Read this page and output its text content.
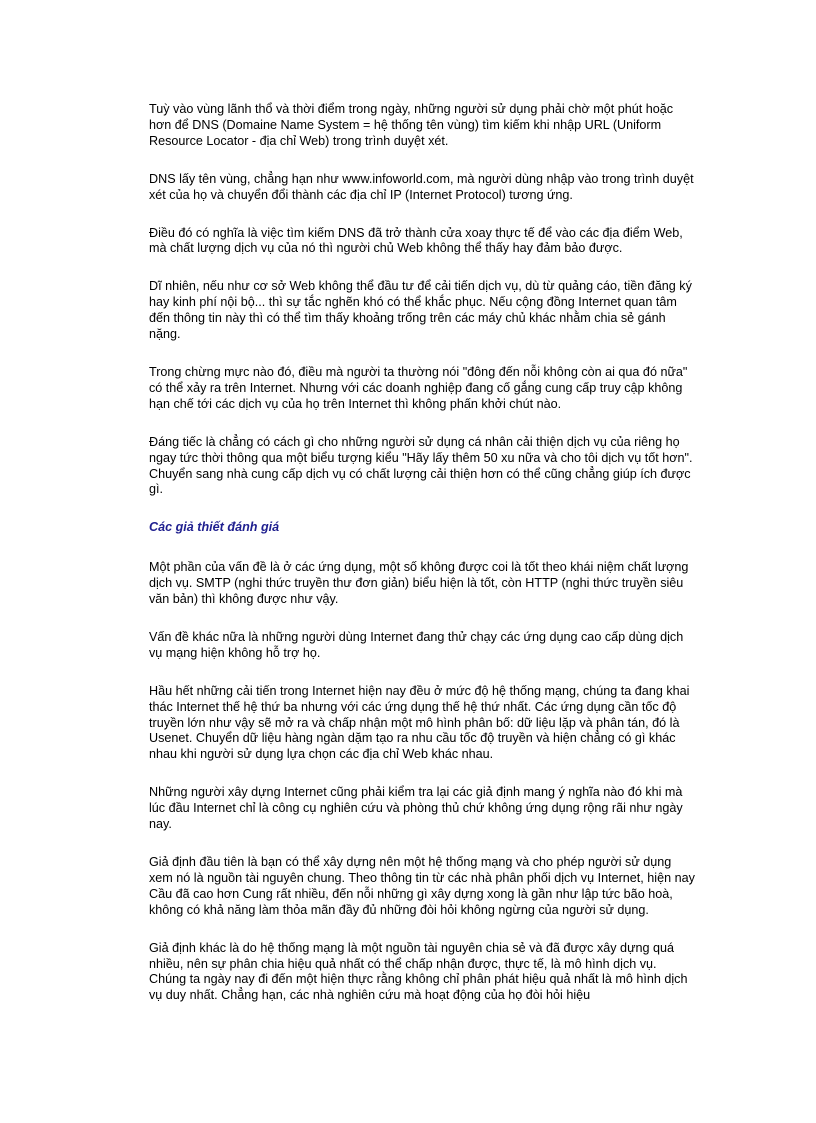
Tuỳ vào vùng lãnh thổ và thời điểm trong ngày, những người sử dụng phải chờ một phút hoặc hơn để DNS (Domaine Name System = hệ thống tên vùng) tìm kiếm khi nhập URL (Uniform Resource Locator - địa chỉ Web) trong trình duyệt xét.

DNS lấy tên vùng, chẳng hạn như www.infoworld.com, mà người dùng nhập vào trong trình duyệt xét của họ và chuyển đổi thành các địa chỉ IP (Internet Protocol) tương ứng.

Điều đó có nghĩa là việc tìm kiếm DNS đã trở thành cửa xoay thực tế để vào các địa điểm Web, mà chất lượng dịch vụ của nó thì người chủ Web không thể thấy hay đảm bảo được.

Dĩ nhiên, nếu như cơ sở Web không thể đầu tư để cải tiến dịch vụ, dù từ quảng cáo, tiền đăng ký hay kinh phí nội bộ... thì sự tắc nghẽn khó có thể khắc phục. Nếu cộng đồng Internet quan tâm đến thông tin này thì có thể tìm thấy khoảng trống trên các máy chủ khác nhằm chia sẻ gánh nặng.

Trong chừng mực nào đó, điều mà người ta thường nói "đông đến nỗi không còn ai qua đó nữa" có thể xảy ra trên Internet. Nhưng với các doanh nghiệp đang cố gắng cung cấp truy cập không hạn chế tới các dịch vụ của họ trên Internet thì không phấn khởi chút nào.

Đáng tiếc là chẳng có cách gì cho những người sử dụng cá nhân cải thiện dịch vụ của riêng họ ngay tức thời thông qua một biểu tượng kiểu "Hãy lấy thêm 50 xu nữa và cho tôi dịch vụ tốt hơn". Chuyển sang nhà cung cấp dịch vụ có chất lượng cải thiện hơn có thể cũng chẳng giúp ích được gì.

Các giả thiết đánh giá

Một phần của vấn đề là ở các ứng dụng, một số không được coi là tốt theo khái niệm chất lượng dịch vụ. SMTP (nghi thức truyền thư đơn giản) biểu hiện là tốt, còn HTTP (nghi thức truyền siêu văn bản) thì không được như vậy.

Vấn đề khác nữa là những người dùng Internet đang thử chạy các ứng dụng cao cấp dùng dịch vụ mạng hiện không hỗ trợ họ.

Hầu hết những cải tiến trong Internet hiện nay đều ở mức độ hệ thống mạng, chúng ta đang khai thác Internet thế hệ thứ ba nhưng với các ứng dụng thế hệ thứ nhất. Các ứng dụng cần tốc độ truyền lớn như vậy sẽ mở ra và chấp nhận một mô hình phân bố: dữ liệu lặp và phân tán, đó là Usenet. Chuyển dữ liệu hàng ngàn dặm tạo ra nhu cầu tốc độ truyền và hiện chẳng có gì khác nhau khi người sử dụng lựa chọn các địa chỉ Web khác nhau.

Những người xây dựng Internet cũng phải kiểm tra lại các giả định mang ý nghĩa nào đó khi mà lúc đầu Internet chỉ là công cụ nghiên cứu và phòng thủ chứ không ứng dụng rộng rãi như ngày nay.

Giả định đầu tiên là bạn có thể xây dựng nên một hệ thống mạng và cho phép người sử dụng xem nó là nguồn tài nguyên chung. Theo thông tin từ các nhà phân phối dịch vụ Internet, hiện nay Cầu đã cao hơn Cung rất nhiều, đến nỗi những gì xây dựng xong là gần như lập tức bão hoà, không có khả năng làm thỏa mãn đầy đủ những đòi hỏi không ngừng của người sử dụng.

Giả định khác là do hệ thống mạng là một nguồn tài nguyên chia sẻ và đã được xây dựng quá nhiều, nên sự phân chia hiệu quả nhất có thể chấp nhận được, thực tế, là mô hình dịch vụ. Chúng ta ngày nay đi đến một hiện thực rằng không chỉ phân phát hiệu quả nhất là mô hình dịch vụ duy nhất. Chẳng hạn, các nhà nghiên cứu mà hoạt động của họ đòi hỏi hiệu
